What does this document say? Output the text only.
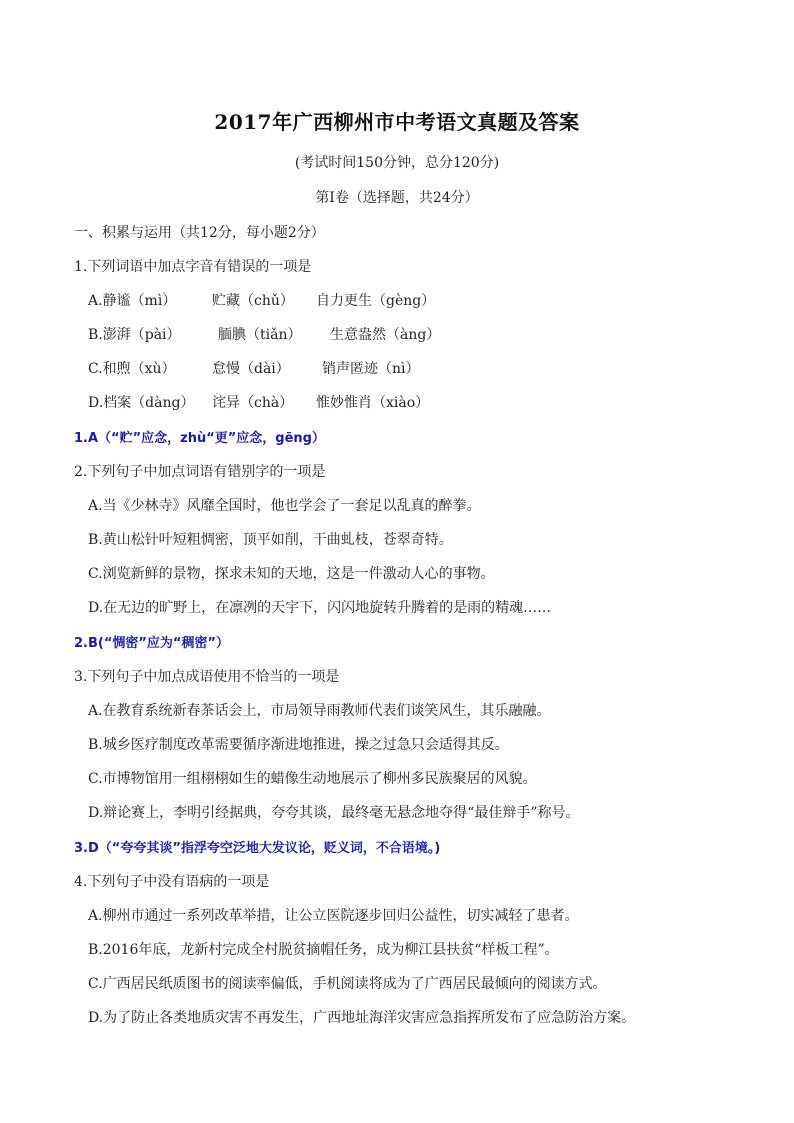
2017年广西柳州市中考语文真题及答案
(考试时间150分钟，总分120分)
第Ⅰ卷（选择题，共24分）
一、积累与运用（共12分，每小题2分）
1.下列词语中加点字音有错误的一项是
A.静谧（mì）	贮藏（chǔ） 自力更生（gèng）
B.澎湃（pài）	腼腆（tiǎn） 生意盎然（àng）
C.和煦（xù）	怠慢（dài） 销声匿迹（nì）
D.档案（dàng） 诧异（chà） 惟妙惟肖（xiào）
1.A（“贮”应念，zhù“更”应念，gēng）
2.下列句子中加点词语有错别字的一项是
A.当《少林寺》风靡全国时，他也学会了一套足以乱真的醉拳。
B.黄山松针叶短粗惆密，顶平如削，干曲虬枝，苍翠奇特。
C.浏览新鲜的景物，探求未知的天地，这是一件激动人心的事物。
D.在无边的旷野上，在凛冽的天宇下，闪闪地旋转升腾着的是雨的精魂……
2.B(“惆密”应为“稠密”）
3.下列句子中加点成语使用不恰当的一项是
A.在教育系统新春茶话会上，市局领导雨教师代表们谈笑风生，其乐融融。
B.城乡医疗制度改革需要循序渐进地推进，操之过急只会适得其反。
C.市博物馆用一组栩栩如生的蜡像生动地展示了柳州多民族聚居的风貌。
D.辩论赛上，李明引经据典，夸夸其谈，最终毫无悬念地夺得“最佳辩手”称号。
3.D（“夸夸其谈”指浮夸空泛地大发议论，贬义词，不合语境。)
4.下列句子中没有语病的一项是
A.柳州市通过一系列改革举措，让公立医院逐步回归公益性，切实减轻了患者。
B.2016年底，龙新村完成全村脱贫摘帽任务，成为柳江县扶贫“样板工程”。
C.广西居民纸质图书的阅读率偏低，手机阅读将成为了广西居民最倾向的阅读方式。
D.为了防止各类地质灾害不再发生，广西地址海洋灾害应急指挥所发布了应急防治方案。
